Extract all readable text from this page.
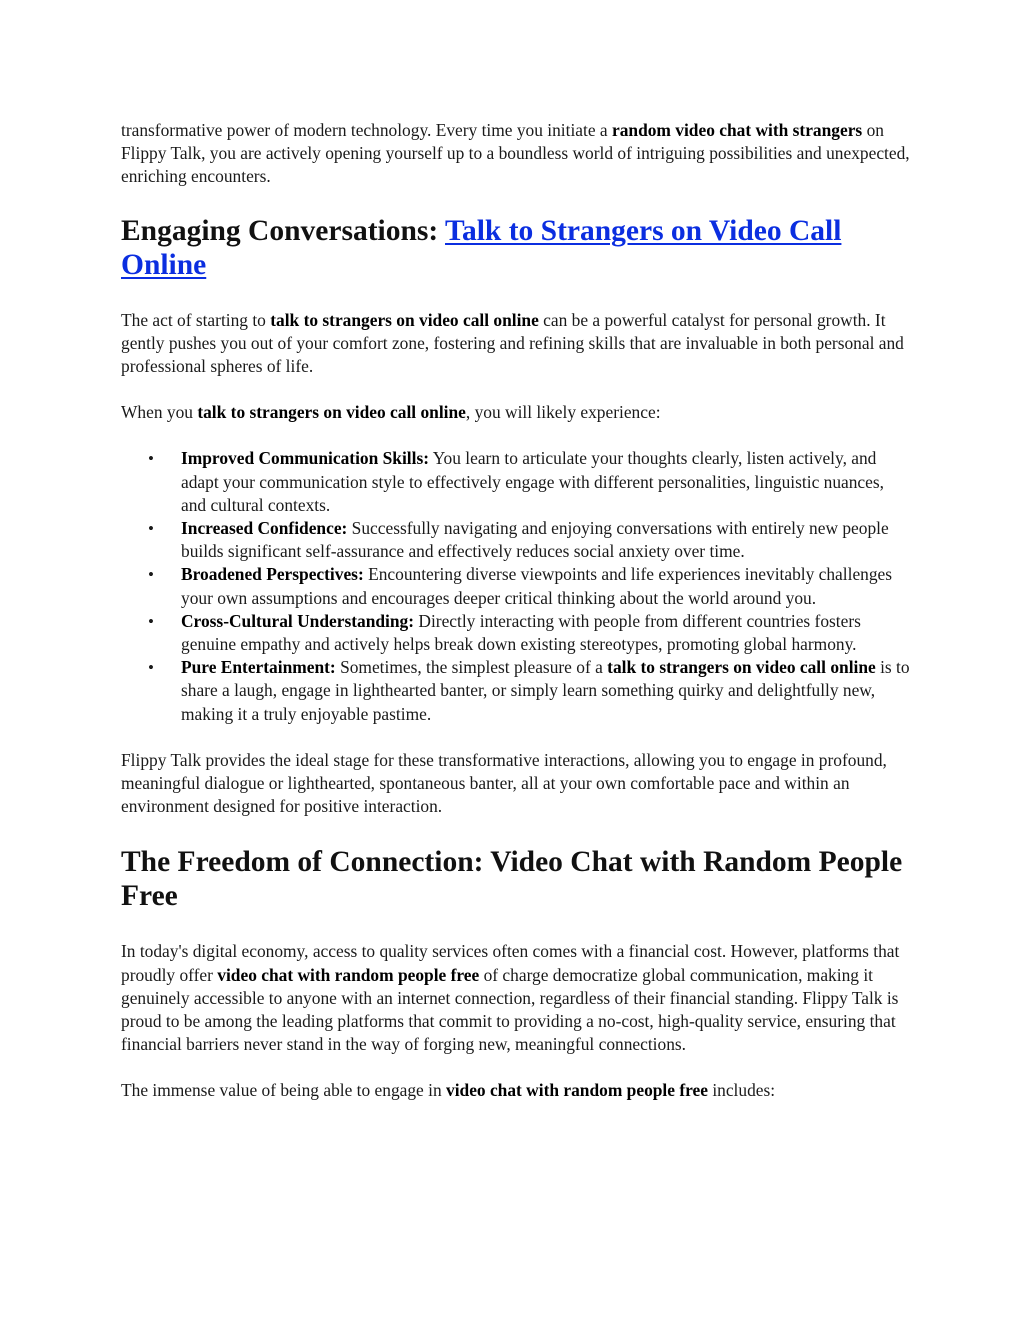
transformative power of modern technology. Every time you initiate a random video chat with strangers on Flippy Talk, you are actively opening yourself up to a boundless world of intriguing possibilities and unexpected, enriching encounters.

Engaging Conversations: Talk to Strangers on Video Call Online

The act of starting to talk to strangers on video call online can be a powerful catalyst for personal growth. It gently pushes you out of your comfort zone, fostering and refining skills that are invaluable in both personal and professional spheres of life.

When you talk to strangers on video call online, you will likely experience:

• Improved Communication Skills: You learn to articulate your thoughts clearly, listen actively, and adapt your communication style to effectively engage with different personalities, linguistic nuances, and cultural contexts.
• Increased Confidence: Successfully navigating and enjoying conversations with entirely new people builds significant self-assurance and effectively reduces social anxiety over time.
• Broadened Perspectives: Encountering diverse viewpoints and life experiences inevitably challenges your own assumptions and encourages deeper critical thinking about the world around you.
• Cross-Cultural Understanding: Directly interacting with people from different countries fosters genuine empathy and actively helps break down existing stereotypes, promoting global harmony.
• Pure Entertainment: Sometimes, the simplest pleasure of a talk to strangers on video call online is to share a laugh, engage in lighthearted banter, or simply learn something quirky and delightfully new, making it a truly enjoyable pastime.

Flippy Talk provides the ideal stage for these transformative interactions, allowing you to engage in profound, meaningful dialogue or lighthearted, spontaneous banter, all at your own comfortable pace and within an environment designed for positive interaction.

The Freedom of Connection: Video Chat with Random People Free

In today's digital economy, access to quality services often comes with a financial cost. However, platforms that proudly offer video chat with random people free of charge democratize global communication, making it genuinely accessible to anyone with an internet connection, regardless of their financial standing. Flippy Talk is proud to be among the leading platforms that commit to providing a no-cost, high-quality service, ensuring that financial barriers never stand in the way of forging new, meaningful connections.

The immense value of being able to engage in video chat with random people free includes:
